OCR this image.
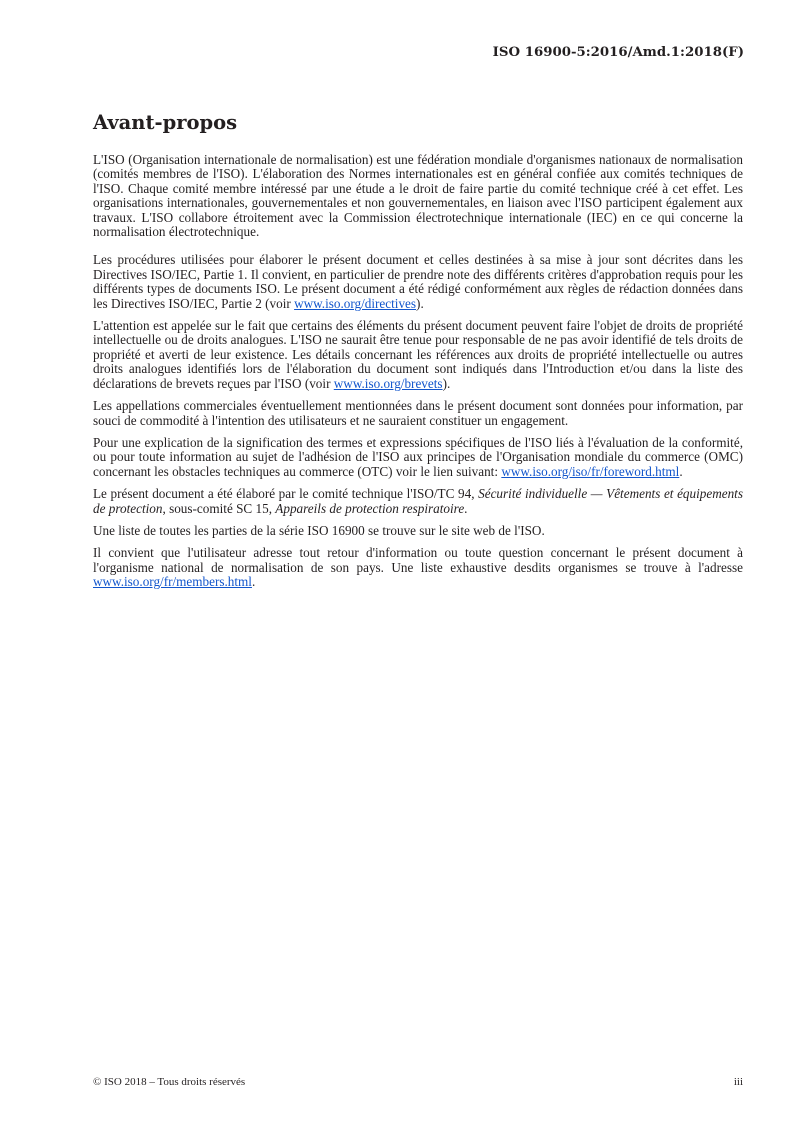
ISO 16900-5:2016/Amd.1:2018(F)
Avant-propos

L'ISO (Organisation internationale de normalisation) est une fédération mondiale d'organismes nationaux de normalisation (comités membres de l'ISO). L'élaboration des Normes internationales est en général confiée aux comités techniques de l'ISO. Chaque comité membre intéressé par une étude a le droit de faire partie du comité technique créé à cet effet. Les organisations internationales, gouvernementales et non gouvernementales, en liaison avec l'ISO participent également aux travaux. L'ISO collabore étroitement avec la Commission électrotechnique internationale (IEC) en ce qui concerne la normalisation électrotechnique.

Les procédures utilisées pour élaborer le présent document et celles destinées à sa mise à jour sont décrites dans les Directives ISO/IEC, Partie 1. Il convient, en particulier de prendre note des différents critères d'approbation requis pour les différents types de documents ISO. Le présent document a été rédigé conformément aux règles de rédaction données dans les Directives ISO/IEC, Partie 2 (voir www.iso.org/directives).

L'attention est appelée sur le fait que certains des éléments du présent document peuvent faire l'objet de droits de propriété intellectuelle ou de droits analogues. L'ISO ne saurait être tenue pour responsable de ne pas avoir identifié de tels droits de propriété et averti de leur existence. Les détails concernant les références aux droits de propriété intellectuelle ou autres droits analogues identifiés lors de l'élaboration du document sont indiqués dans l'Introduction et/ou dans la liste des déclarations de brevets reçues par l'ISO (voir www.iso.org/brevets).

Les appellations commerciales éventuellement mentionnées dans le présent document sont données pour information, par souci de commodité à l'intention des utilisateurs et ne sauraient constituer un engagement.

Pour une explication de la signification des termes et expressions spécifiques de l'ISO liés à l'évaluation de la conformité, ou pour toute information au sujet de l'adhésion de l'ISO aux principes de l'Organisation mondiale du commerce (OMC) concernant les obstacles techniques au commerce (OTC) voir le lien suivant: www.iso.org/iso/fr/foreword.html.

Le présent document a été élaboré par le comité technique l'ISO/TC 94, Sécurité individuelle — Vêtements et équipements de protection, sous-comité SC 15, Appareils de protection respiratoire.

Une liste de toutes les parties de la série ISO 16900 se trouve sur le site web de l'ISO.

Il convient que l'utilisateur adresse tout retour d'information ou toute question concernant le présent document à l'organisme national de normalisation de son pays. Une liste exhaustive desdits organismes se trouve à l'adresse www.iso.org/fr/members.html.

© ISO 2018 – Tous droits réservés	iii
